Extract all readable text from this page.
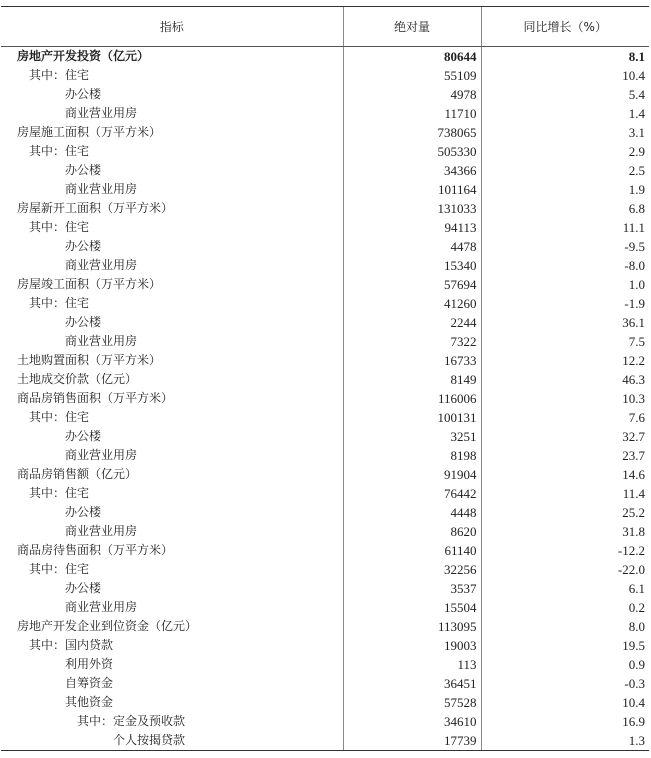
指标	绝对量	同比增长（%）
房地产开发投资（亿元）	80644	8.1
其中：住宅	55109	10.4
办公楼	4978	5.4
商业营业用房	11710	1.4
房屋施工面积（万平方米）	738065	3.1
其中：住宅	505330	2.9
办公楼	34366	2.5
商业营业用房	101164	1.9
房屋新开工面积（万平方米）	131033	6.8
其中：住宅	94113	11.1
办公楼	4478	-9.5
商业营业用房	15340	-8.0
房屋竣工面积（万平方米）	57694	1.0
其中：住宅	41260	-1.9
办公楼	2244	36.1
商业营业用房	7322	7.5
土地购置面积（万平方米）	16733	12.2
土地成交价款（亿元）	8149	46.3
商品房销售面积（万平方米）	116006	10.3
其中：住宅	100131	7.6
办公楼	3251	32.7
商业营业用房	8198	23.7
商品房销售额（亿元）	91904	14.6
其中：住宅	76442	11.4
办公楼	4448	25.2
商业营业用房	8620	31.8
商品房待售面积（万平方米）	61140	-12.2
其中：住宅	32256	-22.0
办公楼	3537	6.1
商业营业用房	15504	0.2
房地产开发企业到位资金（亿元）	113095	8.0
其中：国内贷款	19003	19.5
利用外资	113	0.9
自筹资金	36451	-0.3
其他资金	57528	10.4
其中：定金及预收款	34610	16.9
个人按揭贷款	17739	1.3
